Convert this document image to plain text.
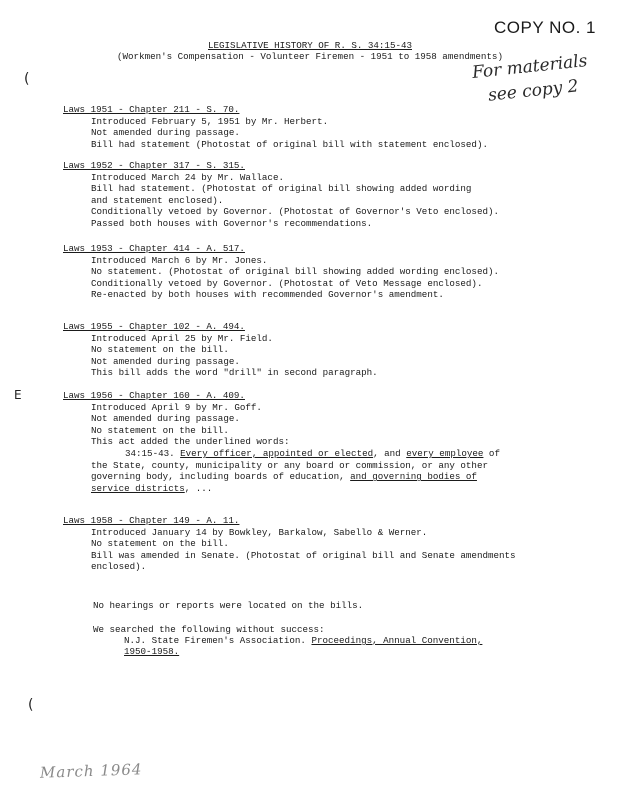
COPY NO. 1
For materials
see copy 2
LEGISLATIVE HISTORY OF R. S. 34:15-43
(Workmen's Compensation - Volunteer Firemen - 1951 to 1958 amendments)
(
E
(
Laws 1951 - Chapter 211 - S. 70.
Introduced February 5, 1951 by Mr. Herbert.
Not amended during passage.
Bill had statement (Photostat of original bill with statement enclosed).
Laws 1952 - Chapter 317 - S. 315.
Introduced March 24 by Mr. Wallace.
Bill had statement. (Photostat of original bill showing added wording
and statement enclosed).
Conditionally vetoed by Governor. (Photostat of Governor's Veto enclosed).
Passed both houses with Governor's recommendations.
Laws 1953 - Chapter 414 - A. 517.
Introduced March 6 by Mr. Jones.
No statement. (Photostat of original bill showing added wording enclosed).
Conditionally vetoed by Governor. (Photostat of Veto Message enclosed).
Re-enacted by both houses with recommended Governor's amendment.
Laws 1955 - Chapter 102 - A. 494.
Introduced April 25 by Mr. Field.
No statement on the bill.
Not amended during passage.
This bill adds the word "drill" in second paragraph.
Laws 1956 - Chapter 160 - A. 409.
Introduced April 9 by Mr. Goff.
Not amended during passage.
No statement on the bill.
This act added the underlined words:
34:15-43. Every officer, appointed or elected, and every employee of
the State, county, municipality or any board or commission, or any other
governing body, including boards of education, and governing bodies of
service districts, ...
Laws 1958 - Chapter 149 - A. 11.
Introduced January 14 by Bowkley, Barkalow, Sabello & Werner.
No statement on the bill.
Bill was amended in Senate. (Photostat of original bill and Senate amendments
enclosed).
No hearings or reports were located on the bills.
We searched the following without success:
N.J. State Firemen's Association. Proceedings, Annual Convention,
1950-1958.
March 1964
